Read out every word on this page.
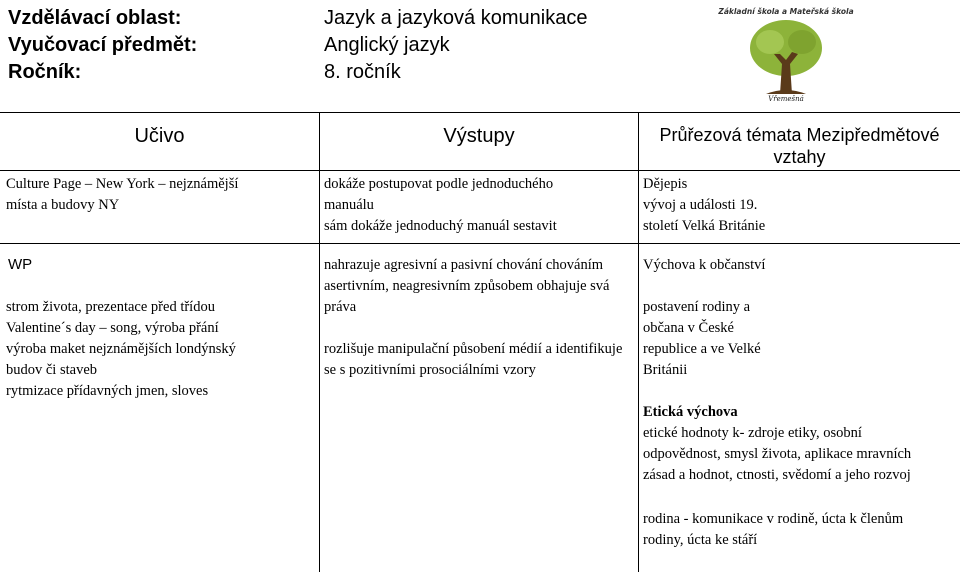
Vzdělávací oblast:
Vyučovací předmět:
Ročník:
Jazyk a jazyková komunikace
Anglický jazyk
8. ročník
Základní škola a Mateřská škola
Vřemešná
Učivo	Výstupy	Průřezová témata Mezipředmětové
vztahy
Culture Page – New York – nejznámější
místa a budovy NY
dokáže postupovat podle jednoduchého
manuálu
sám dokáže jednoduchý manuál sestavit
Dějepis
vývoj a události 19.
století Velká Británie
WP
strom života, prezentace před třídou
Valentine´s day – song, výroba přání
výroba maket nejznámějších londýnský
budov či staveb
rytmizace přídavných jmen, sloves
nahrazuje agresivní a pasivní chování chováním
asertivním, neagresivním způsobem obhajuje svá
práva
rozlišuje manipulační působení médií a identifikuje
se s pozitivními prosociálními vzory
Výchova k občanství
postavení rodiny a
občana v České
republice a ve Velké
Británii
Etická výchova
etické hodnoty k- zdroje etiky, osobní
odpovědnost, smysl života, aplikace mravních
zásad a hodnot, ctnosti, svědomí a jeho rozvoj
rodina - komunikace v rodině, úcta k členům
rodiny, úcta ke stáří
